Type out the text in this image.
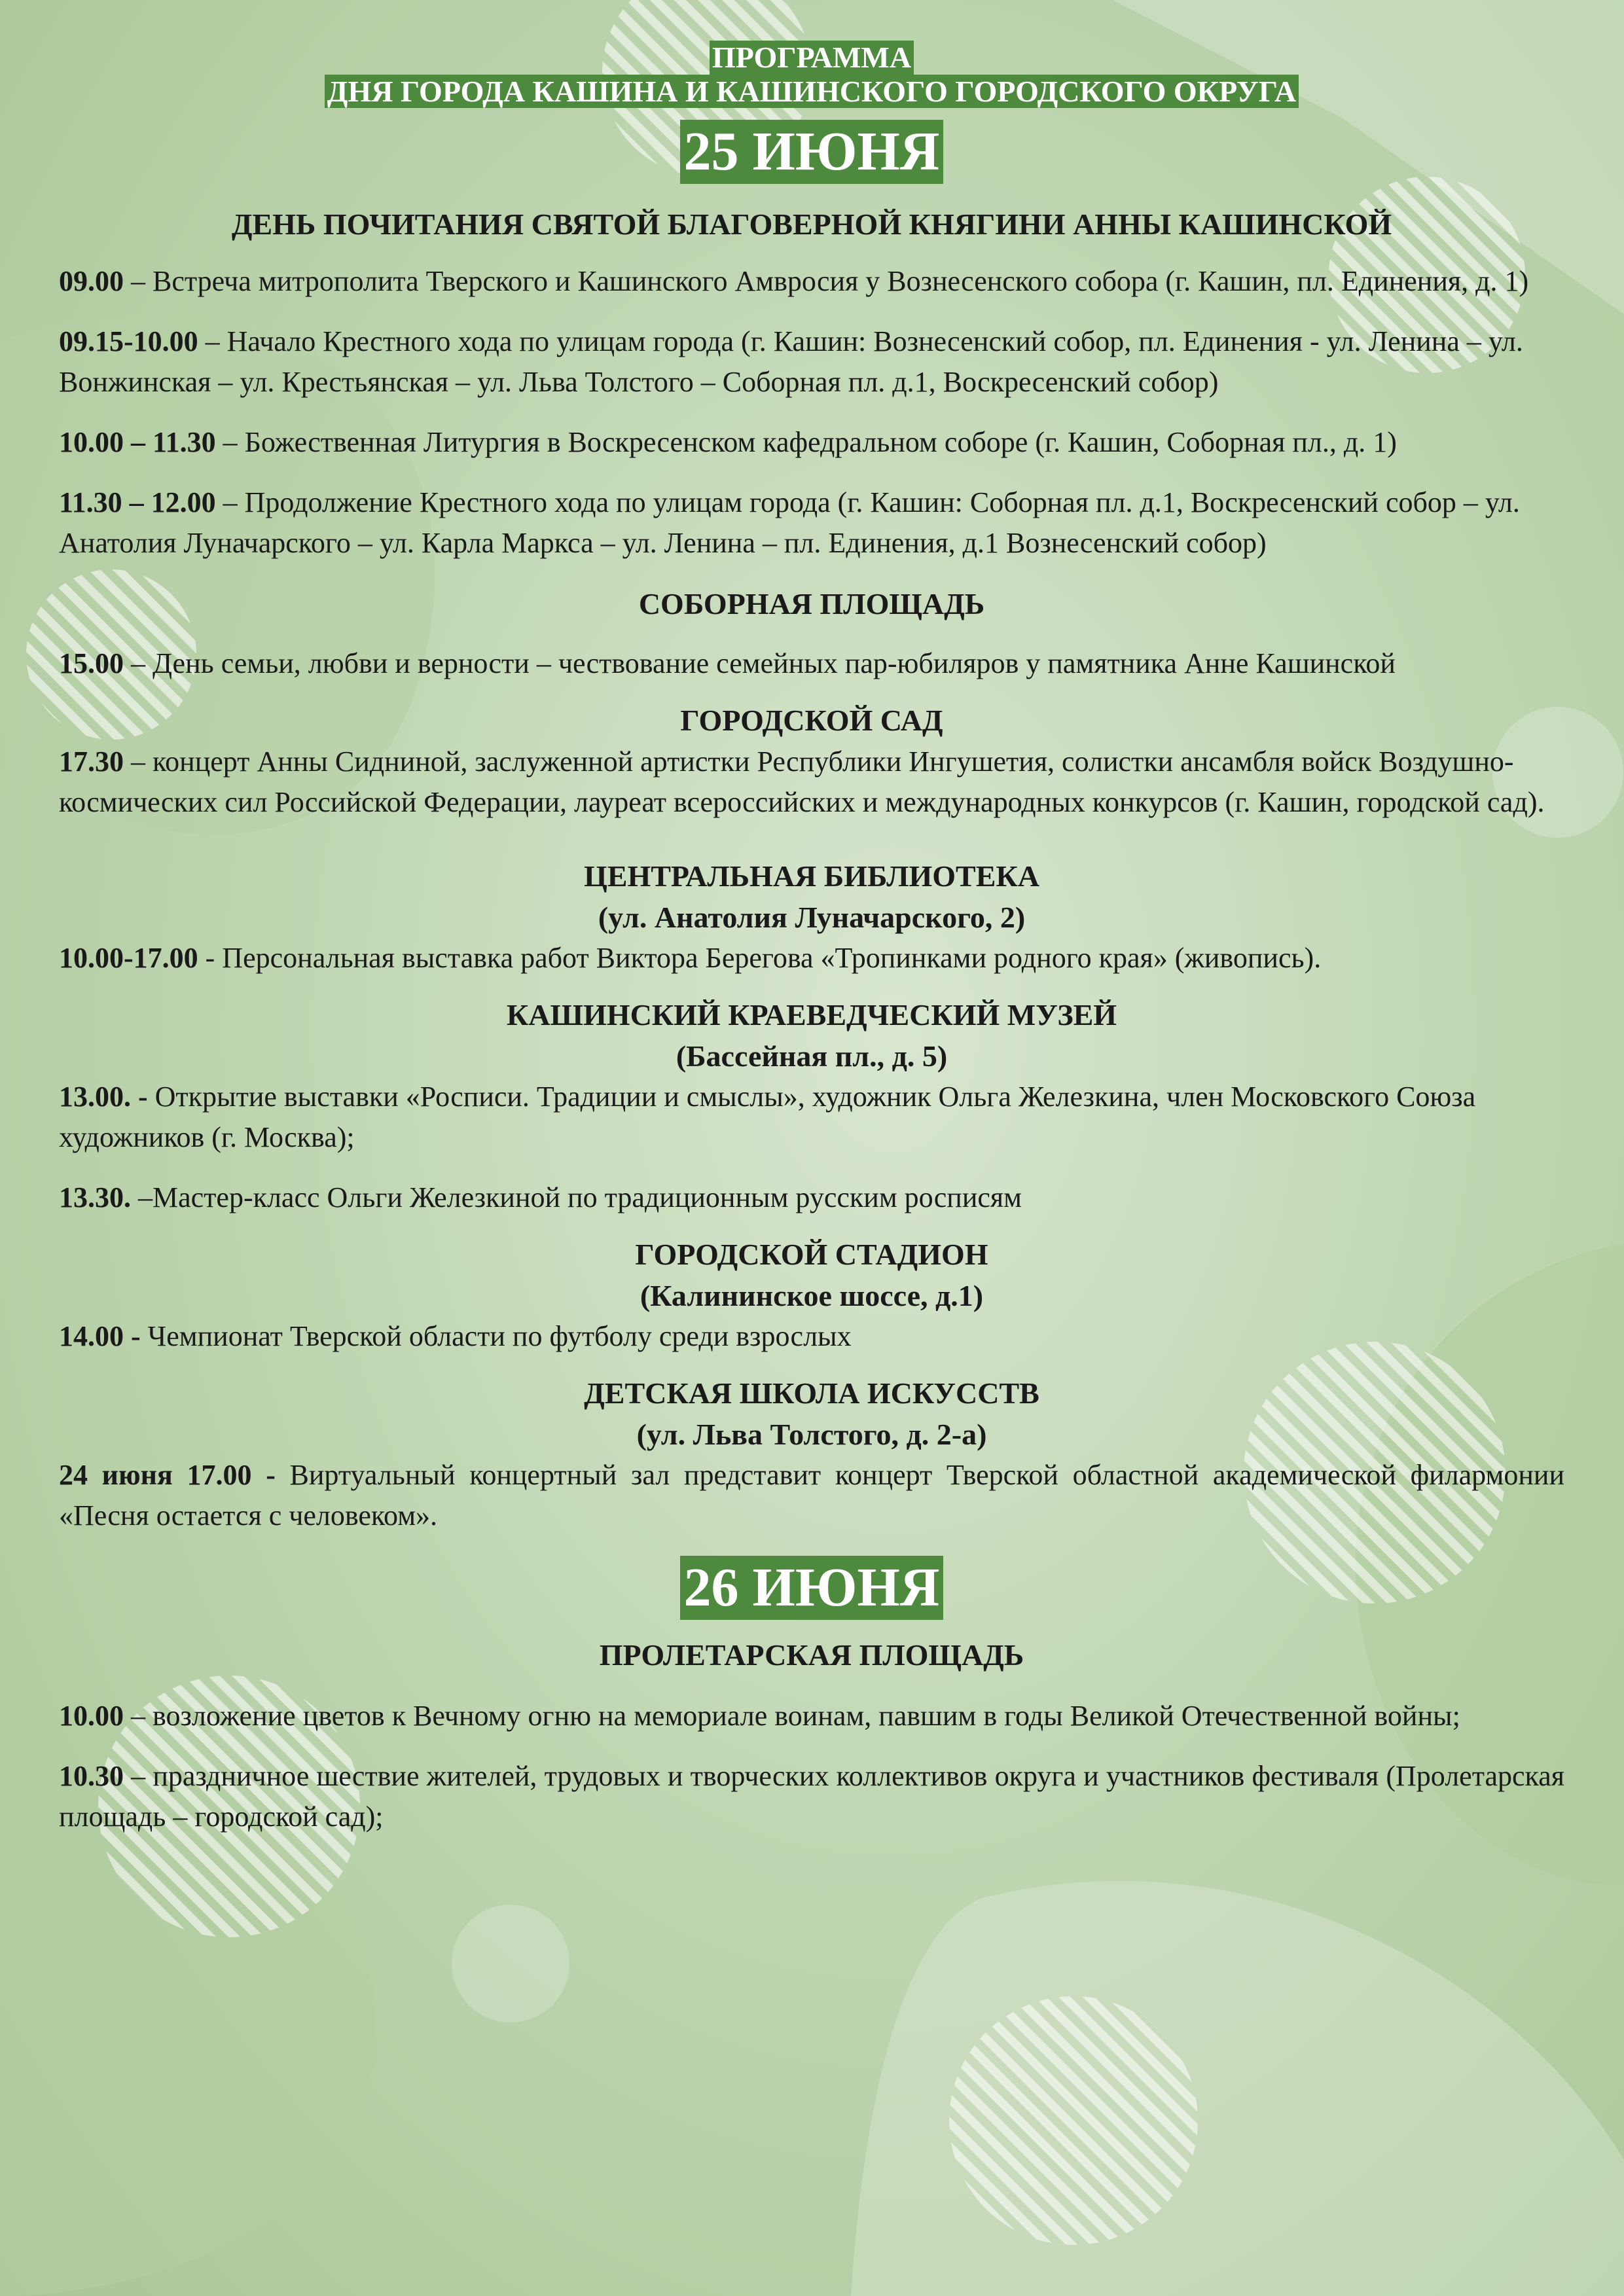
ПРОГРАММА
ДНЯ ГОРОДА КАШИНА И КАШИНСКОГО ГОРОДСКОГО ОКРУГА
25 ИЮНЯ

ДЕНЬ ПОЧИТАНИЯ СВЯТОЙ БЛАГОВЕРНОЙ КНЯГИНИ АННЫ КАШИНСКОЙ

09.00 – Встреча митрополита Тверского и Кашинского Амвросия у Вознесенского собора (г. Кашин, пл. Единения, д. 1)

09.15-10.00 – Начало Крестного хода по улицам города (г. Кашин: Вознесенский собор, пл. Единения - ул. Ленина – ул. Вонжинская – ул. Крестьянская – ул. Льва Толстого – Соборная пл. д.1, Воскресенский собор)

10.00 – 11.30 – Божественная Литургия в Воскресенском кафедральном соборе (г. Кашин, Соборная пл., д. 1)

11.30 – 12.00 – Продолжение Крестного хода по улицам города (г. Кашин: Соборная пл. д.1, Воскресенский собор – ул. Анатолия Луначарского – ул. Карла Маркса – ул. Ленина – пл. Единения, д.1 Вознесенский собор)

СОБОРНАЯ ПЛОЩАДЬ

15.00 – День семьи, любви и верности – чествование семейных пар-юбиляров у памятника Анне Кашинской

ГОРОДСКОЙ САД

17.30 – концерт Анны Сидниной, заслуженной артистки Республики Ингушетия, солистки ансамбля войск Воздушно-космических сил Российской Федерации, лауреат всероссийских и международных конкурсов (г. Кашин, городской сад).

ЦЕНТРАЛЬНАЯ БИБЛИОТЕКА

(ул. Анатолия Луначарского, 2)

10.00-17.00 - Персональная выставка работ Виктора Берегова «Тропинками родного края» (живопись).

КАШИНСКИЙ КРАЕВЕДЧЕСКИЙ МУЗЕЙ

(Бассейная пл., д. 5)

13.00. - Открытие выставки «Росписи. Традиции и смыслы», художник Ольга Железкина, член Московского Союза художников (г. Москва);

13.30. –Мастер-класс Ольги Железкиной по традиционным русским росписям

ГОРОДСКОЙ СТАДИОН

(Калининское шоссе, д.1)

14.00 - Чемпионат Тверской области по футболу среди взрослых

ДЕТСКАЯ ШКОЛА ИСКУССТВ

(ул. Льва Толстого, д. 2-а)

24 июня 17.00 - Виртуальный концертный зал представит концерт Тверской областной академической филармонии «Песня остается с человеком».

26 ИЮНЯ

ПРОЛЕТАРСКАЯ ПЛОЩАДЬ

10.00 – возложение цветов к Вечному огню на мемориале воинам, павшим в годы Великой Отечественной войны;

10.30 – праздничное шествие жителей, трудовых и творческих коллективов округа и участников фестиваля (Пролетарская площадь – городской сад);
